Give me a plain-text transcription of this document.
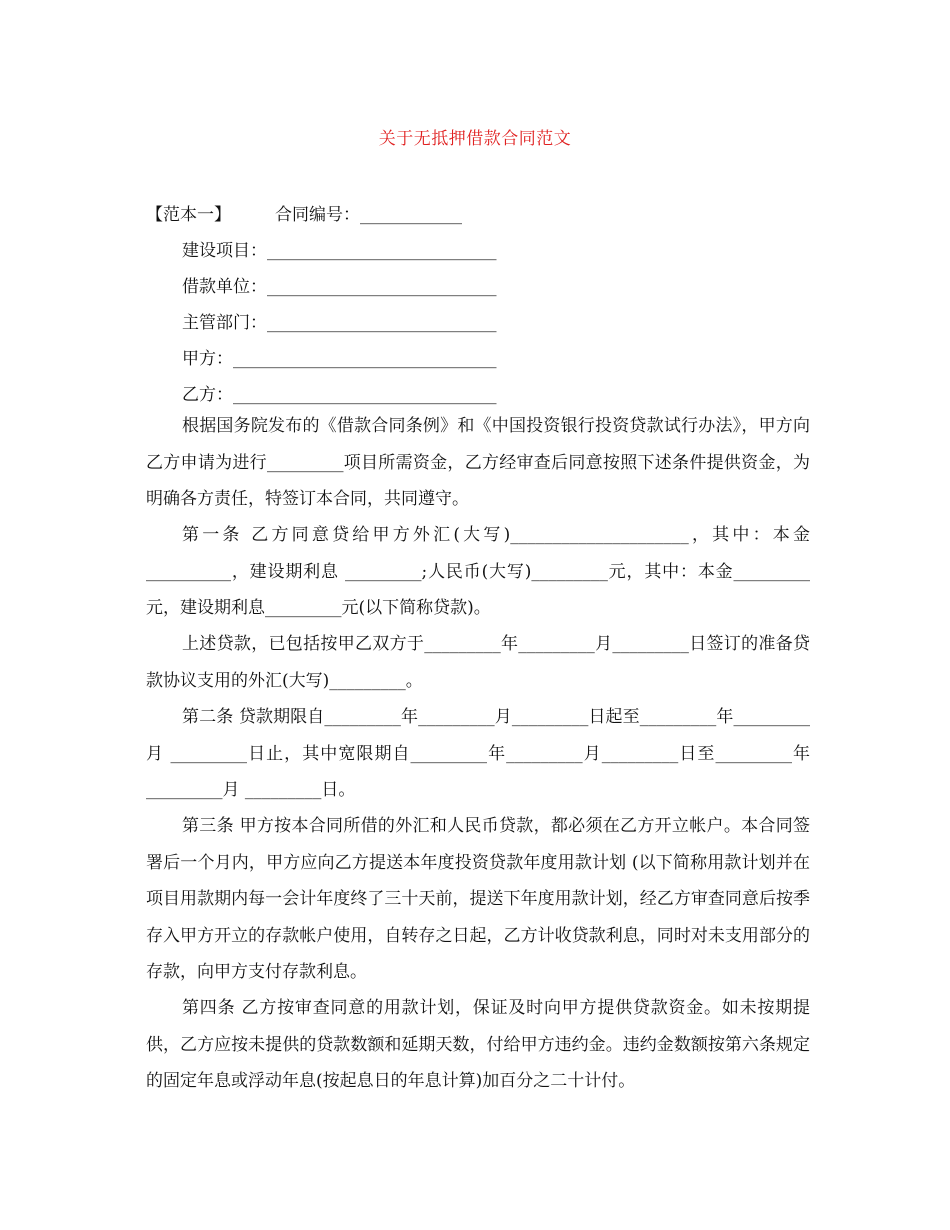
关于无抵押借款合同范文
【范本一】	合同编号：____________
建设项目：___________________________
借款单位：___________________________
主管部门：___________________________
甲方：_______________________________
乙方：_______________________________

根据国务院发布的《借款合同条例》和《中国投资银行投资贷款试行办法》，甲方向乙方申请为进行_________项目所需资金，乙方经审查后同意按照下述条件提供资金，为明确各方责任，特签订本合同，共同遵守。

第一条 乙方同意贷给甲方外汇(大写)_____________________，其中：本金__________，建设期利息 _________;人民币(大写)_________元，其中：本金_________元，建设期利息_________元(以下简称贷款)。

上述贷款，已包括按甲乙双方于_________年_________月_________日签订的准备贷款协议支用的外汇(大写)_________。

第二条 贷款期限自_________年_________月_________日起至_________年_________月 _________日止，其中宽限期自_________年_________月_________日至_________年_________月 _________日。

第三条 甲方按本合同所借的外汇和人民币贷款，都必须在乙方开立帐户。本合同签署后一个月内，甲方应向乙方提送本年度投资贷款年度用款计划 (以下简称用款计划并在项目用款期内每一会计年度终了三十天前，提送下年度用款计划，经乙方审查同意后按季存入甲方开立的存款帐户使用，自转存之日起，乙方计收贷款利息，同时对未支用部分的存款，向甲方支付存款利息。

第四条 乙方按审查同意的用款计划，保证及时向甲方提供贷款资金。如未按期提供，乙方应按未提供的贷款数额和延期天数，付给甲方违约金。违约金数额按第六条规定的固定年息或浮动年息(按起息日的年息计算)加百分之二十计付。
